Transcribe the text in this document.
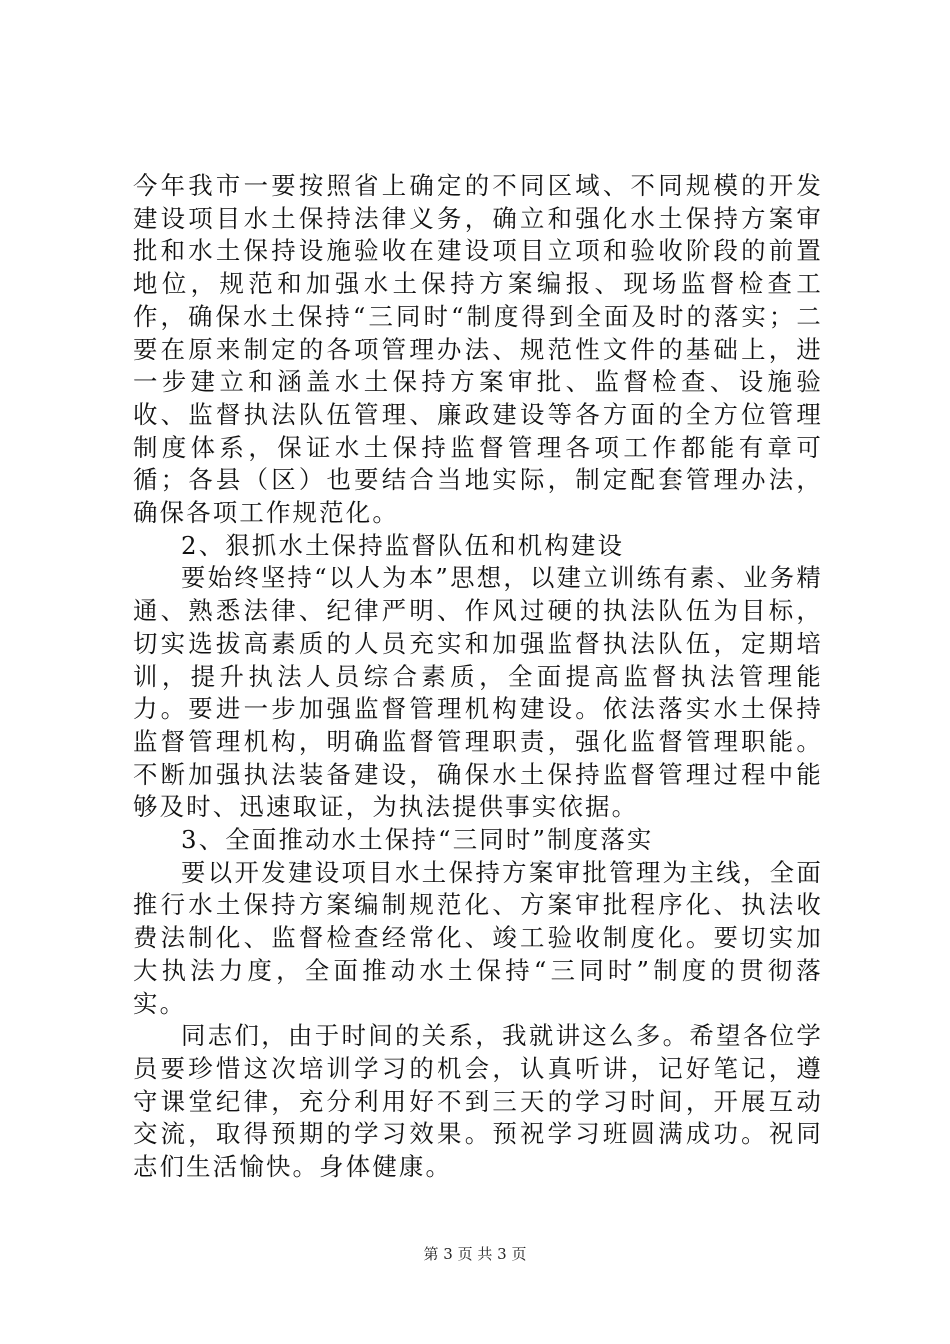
今年我市一要按照省上确定的不同区域、不同规模的开发建设项目水土保持法律义务，确立和强化水土保持方案审批和水土保持设施验收在建设项目立项和验收阶段的前置地位，规范和加强水土保持方案编报、现场监督检查工作，确保水土保持“三同时“制度得到全面及时的落实；二要在原来制定的各项管理办法、规范性文件的基础上，进一步建立和涵盖水土保持方案审批、监督检查、设施验收、监督执法队伍管理、廉政建设等各方面的全方位管理制度体系，保证水土保持监督管理各项工作都能有章可循；各县（区）也要结合当地实际，制定配套管理办法，确保各项工作规范化。

2、狠抓水土保持监督队伍和机构建设

要始终坚持“以人为本”思想，以建立训练有素、业务精通、熟悉法律、纪律严明、作风过硬的执法队伍为目标，切实选拔高素质的人员充实和加强监督执法队伍，定期培训，提升执法人员综合素质，全面提高监督执法管理能力。要进一步加强监督管理机构建设。依法落实水土保持监督管理机构，明确监督管理职责，强化监督管理职能。不断加强执法装备建设，确保水土保持监督管理过程中能够及时、迅速取证，为执法提供事实依据。

3、全面推动水土保持“三同时”制度落实

要以开发建设项目水土保持方案审批管理为主线，全面推行水土保持方案编制规范化、方案审批程序化、执法收费法制化、监督检查经常化、竣工验收制度化。要切实加大执法力度，全面推动水土保持“三同时”制度的贯彻落实。

同志们，由于时间的关系，我就讲这么多。希望各位学员要珍惜这次培训学习的机会，认真听讲，记好笔记，遵守课堂纪律，充分利用好不到三天的学习时间，开展互动交流，取得预期的学习效果。预祝学习班圆满成功。祝同志们生活愉快。身体健康。

第 3 页 共 3 页
